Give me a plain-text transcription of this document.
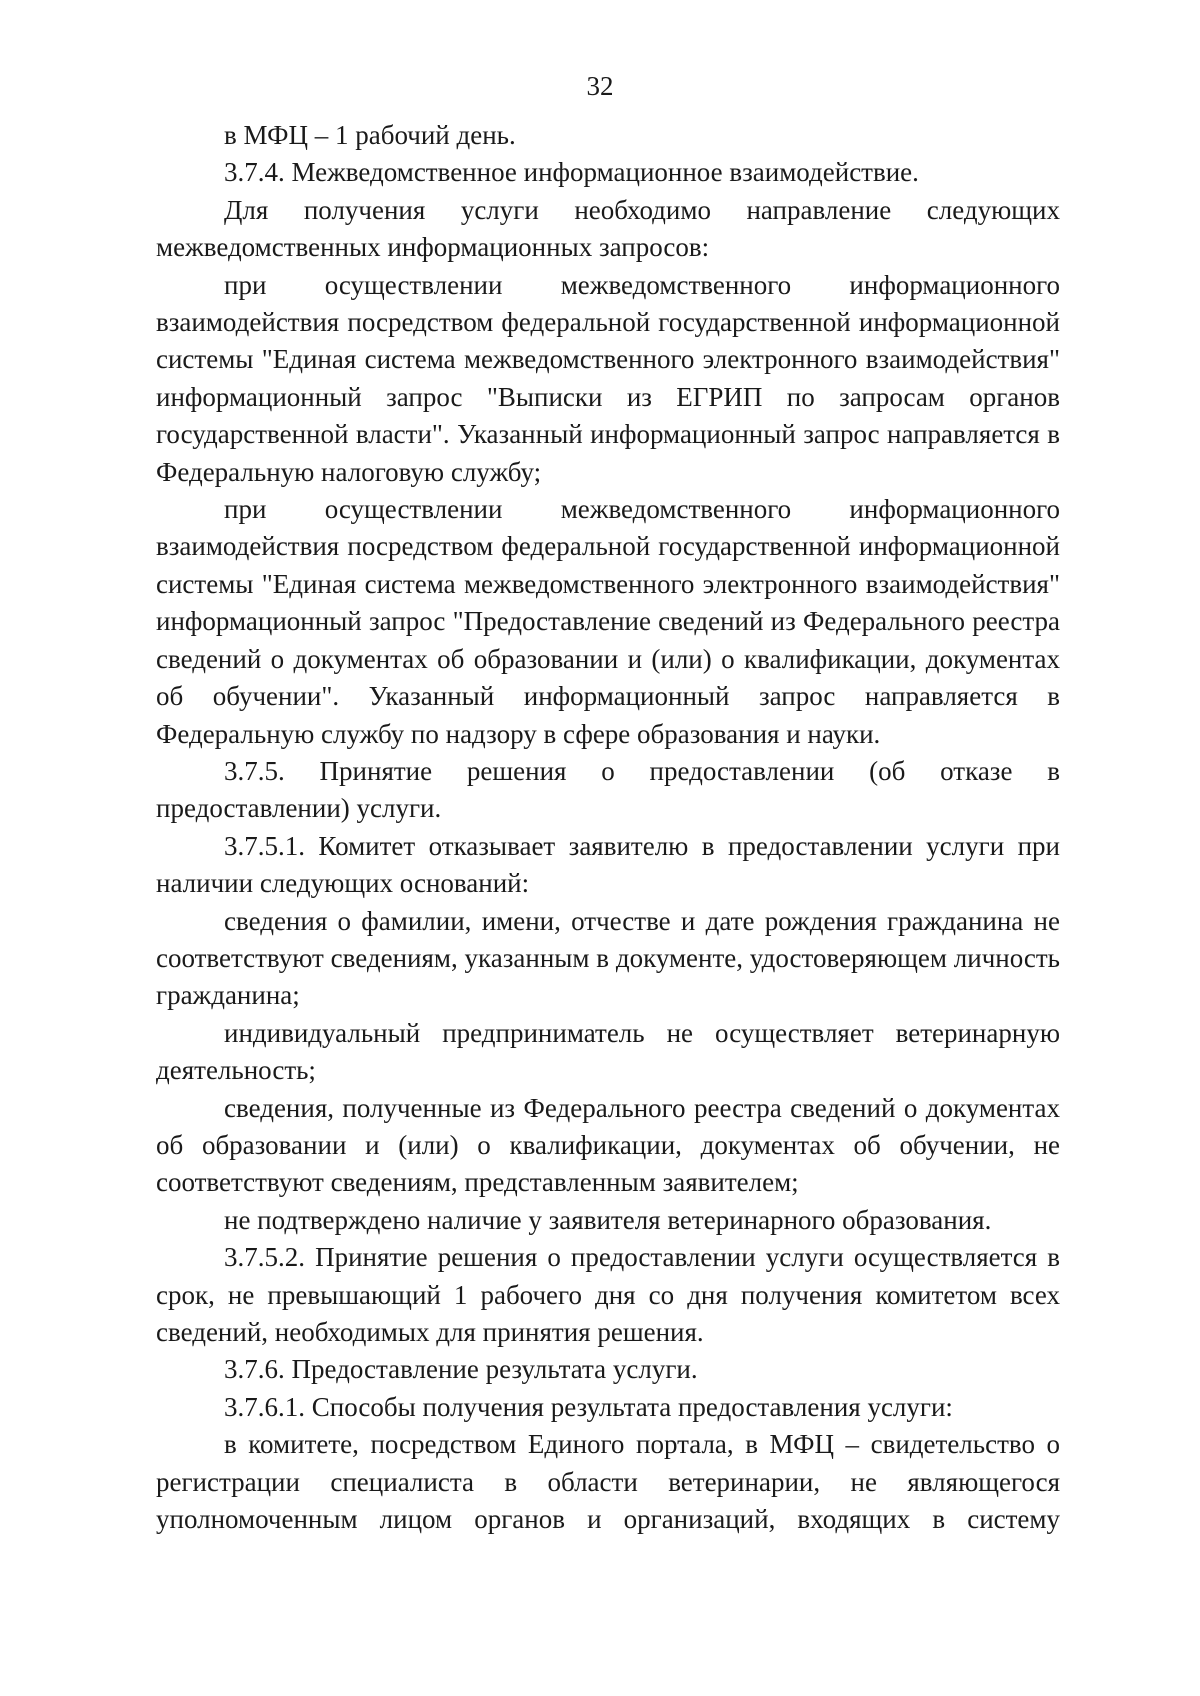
32

в МФЦ – 1 рабочий день.

3.7.4. Межведомственное информационное взаимодействие.

Для получения услуги необходимо направление следующих межведомственных информационных запросов:

при осуществлении межведомственного информационного взаимодействия посредством федеральной государственной информационной системы "Единая система межведомственного электронного взаимодействия" информационный запрос "Выписки из ЕГРИП по запросам органов государственной власти". Указанный информационный запрос направляется в Федеральную налоговую службу;

при осуществлении межведомственного информационного взаимодействия посредством федеральной государственной информационной системы "Единая система межведомственного электронного взаимодействия" информационный запрос "Предоставление сведений из Федерального реестра сведений о документах об образовании и (или) о квалификации, документах об обучении". Указанный информационный запрос направляется в Федеральную службу по надзору в сфере образования и науки.

3.7.5. Принятие решения о предоставлении (об отказе в предоставлении) услуги.

3.7.5.1. Комитет отказывает заявителю в предоставлении услуги при наличии следующих оснований:

сведения о фамилии, имени, отчестве и дате рождения гражданина не соответствуют сведениям, указанным в документе, удостоверяющем личность гражданина;

индивидуальный предприниматель не осуществляет ветеринарную деятельность;

сведения, полученные из Федерального реестра сведений о документах об образовании и (или) о квалификации, документах об обучении, не соответствуют сведениям, представленным заявителем;

не подтверждено наличие у заявителя ветеринарного образования.

3.7.5.2. Принятие решения о предоставлении услуги осуществляется в срок, не превышающий 1 рабочего дня со дня получения комитетом всех сведений, необходимых для принятия решения.

3.7.6. Предоставление результата услуги.

3.7.6.1. Способы получения результата предоставления услуги:

в комитете, посредством Единого портала, в МФЦ – свидетельство о регистрации специалиста в области ветеринарии, не являющегося уполномоченным лицом органов и организаций, входящих в систему
